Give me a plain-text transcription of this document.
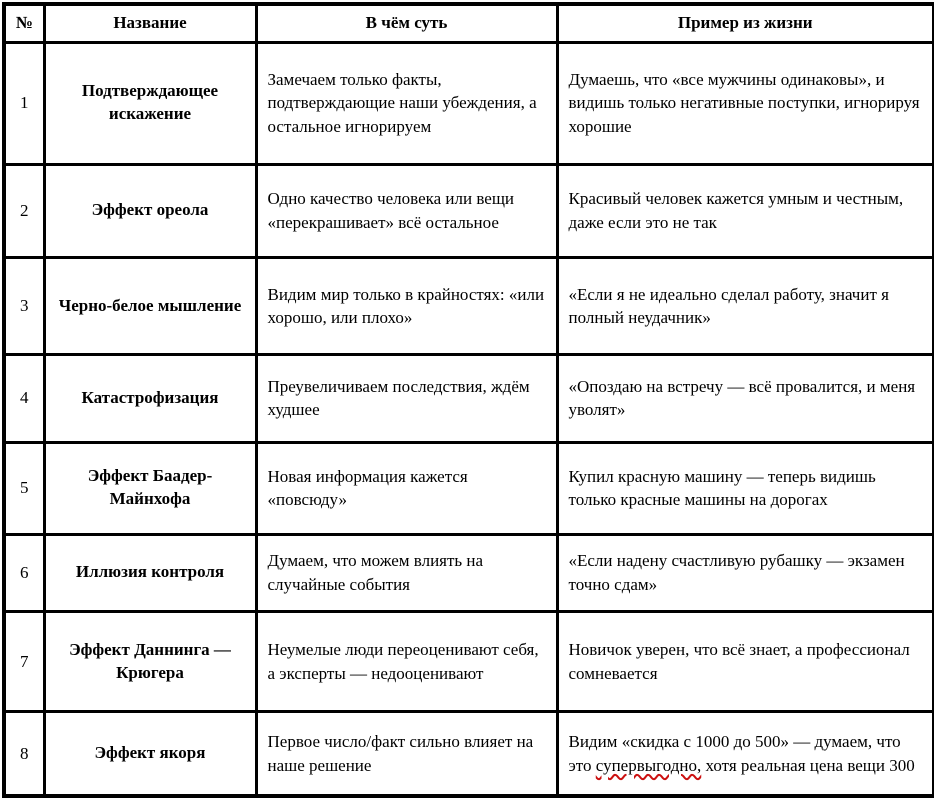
№	Название	В чём суть	Пример из жизни
1	Подтверждающее искажение	Замечаем только факты, подтверждающие наши убеждения, а остальное игнорируем	Думаешь, что «все мужчины одинаковы», и видишь только негативные поступки, игнорируя хорошие
2	Эффект ореола	Одно качество человека или вещи «перекрашивает» всё остальное	Красивый человек кажется умным и честным, даже если это не так
3	Черно-белое мышление	Видим мир только в крайностях: «или хорошо, или плохо»	«Если я не идеально сделал работу, значит я полный неудачник»
4	Катастрофизация	Преувеличиваем последствия, ждём худшее	«Опоздаю на встречу — всё провалится, и меня уволят»
5	Эффект Баадер-Майнхофа	Новая информация кажется «повсюду»	Купил красную машину — теперь видишь только красные машины на дорогах
6	Иллюзия контроля	Думаем, что можем влиять на случайные события	«Если надену счастливую рубашку — экзамен точно сдам»
7	Эффект Даннинга — Крюгера	Неумелые люди переоценивают себя, а эксперты — недооценивают	Новичок уверен, что всё знает, а профессионал сомневается
8	Эффект якоря	Первое число/факт сильно влияет на наше решение	Видим «скидка с 1000 до 500» — думаем, что это супервыгодно, хотя реальная цена вещи 300
